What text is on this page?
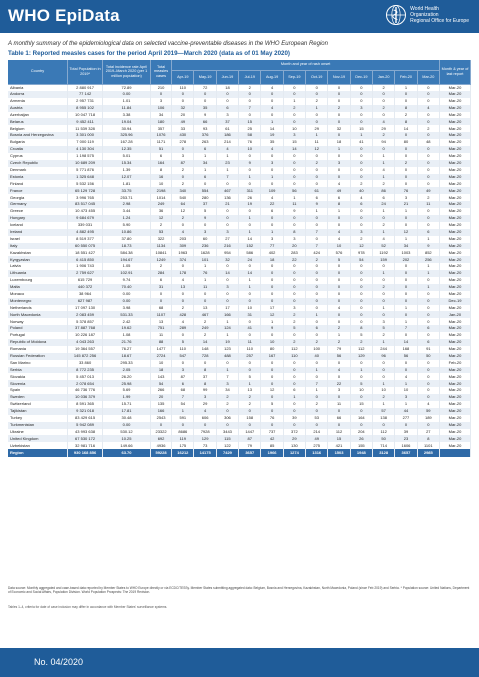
WHO EpiData	World Health
Organization
Regional Office for Europe
A monthly summary of the epidemiological data on selected vaccine-preventable diseases in the WHO European Region
Table 1: Reported measles cases for the period April 2019—March 2020 (data as of 01 May 2020)
Country	Total Population in 2019*	Total incidence rate April 2019–March 2020 (per 1 million population)	Total measles cases	Month and year of rash onset												Month & year of last report
				Apr-19	May-19	Jun-19	Jul-19	Aug-19	Sep-19	Oct-19	Nov-19	Dec-19	Jan-20	Feb-20	Mar-20	
Albania	2 880 917	72.89	210	110	72	18	2	4	0	0	0	0	2	1	0	Mar-20
Andorra	77 142	0.00	0	0	0	0	0	0	0	0	0	0	0	0	0	Mar-20
Armenia	2 957 731	1.01	3	0	0	0	0	0	1	2	0	0	0	0	0	Mar-20
Austria	8 955 102	11.84	106	32	35	6	7	4	2	1	2	3	2	8	4	Mar-20
Azerbaijan	10 047 718	3.38	34	20	9	3	0	0	0	0	0	0	0	2	0	Mar-20
Belarus	9 452 411	19.04	180	49	66	37	15	1	0	0	0	0	4	8	0	Mar-20
Belgium	11 539 328	30.94	357	33	93	61	25	14	10	29	32	15	29	14	2	Mar-20
Bosnia and Herzegovina	3 301 000	325.96	1076	430	376	186	58	19	3	1	0	1	2	0	0	Mar-20
Bulgaria	7 000 119	167.28	1171	278	263	214	76	35	15	11	18	41	94	80	48	Mar-20
Croatia	4 130 304	12.35	51	0	6	4	10	4	14	12	1	0	0	0	0	Mar-20
Cyprus	1 198 575	5.01	6	3	1	1	0	0	0	0	0	0	1	0	0	Mar-20
Czech Republic	10 689 209	15.34	164	87	34	23	9	3	0	2	3	0	1	2	0	Mar-20
Denmark	5 771 876	1.39	8	2	1	1	0	0	0	0	0	0	4	0	0	Mar-20
Estonia	1 325 648	12.07	16	0	6	7	1	1	0	0	0	0	1	0	0	Mar-20
Finland	5 532 156	1.81	10	2	0	0	0	0	0	0	4	2	2	0	0	Mar-20
France	65 129 728	33.75	2198	340	554	467	311	109	56	61	49	40	86	76	49	Mar-20
Georgia	3 996 765	253.71	1014	540	280	136	26	4	1	6	6	4	6	3	2	Mar-20
Germany	83 517 045	2.98	249	64	37	21	19	22	11	9	8	6	24	21	11	Mar-20
Greece	10 473 455	3.44	36	12	5	0	0	6	9	1	1	0	1	1	0	Mar-20
Hungary	9 684 679	1.24	12	2	9	0	1	0	0	0	0	0	0	0	0	Mar-20
Iceland	339 031	5.90	2	0	0	0	0	0	0	0	0	0	2	0	0	Mar-20
Ireland	4 882 495	10.86	53	4	3	3	1	1	8	7	4	3	1	12	6	Mar-20
Israel	8 519 377	37.80	322	203	60	27	14	3	3	0	4	2	4	1	1	Mar-20
Italy	60 550 075	18.73	1134	309	236	216	152	77	20	7	10	12	52	34	9	Mar-20
Kazakhstan	18 551 427	584.38	10841	1963	1628	954	586	402	283	424	576	978	1192	1003	852	Mar-20
Kyrgyzstan	6 415 850	194.67	1249	374	101	32	24	18	22	2	5	54	159	202	256	Mar-20
Latvia	1 906 743	1.05	2	0	1	0	0	0	0	0	0	0	0	0	1	Mar-20
Lithuania	2 759 627	102.91	284	178	76	14	14	0	0	0	0	0	1	0	1	Mar-20
Luxembourg	615 729	9.74	6	4	1	0	1	0	0	0	0	0	0	0	0	Mar-20
Malta	440 372	70.40	31	13	11	3	1	0	0	0	0	0	2	0	1	Mar-20
Monaco	38 964	0.00	0	0	0	0	0	0	0	0	0	0	0	0	0	Mar-20
Montenegro	627 987	0.00	0	0	0	0	0	0	0	0	0	0	0	0	0	Dec-19
Netherlands	17 097 130	3.98	68	2	13	17	10	17	3	0	4	0	1	1	0	Mar-20
North Macedonia	2 083 459	531.33	1107	428	467	166	31	12	2	1	0	0	0	0	0	Jan-20
Norway	5 378 857	2.42	13	4	2	1	0	1	2	0	0	0	3	1	0	Mar-20
Poland	37 887 768	19.62	751	289	249	124	41	9	5	6	2	8	5	7	6	Mar-20
Portugal	10 226 187	1.08	11	0	2	1	0	0	0	0	1	5	2	0	0	Mar-20
Republic of Moldova	4 043 263	21.76	88	5	14	19	11	10	2	2	2	2	1	14	6	Mar-20
Romania	19 364 557	76.27	1477	110	148	123	110	80	112	100	79	112	244	168	91	Mar-20
Russian Federation	145 872 256	18.67	2724	547	728	488	257	167	110	40	56	129	96	56	50	Mar-20
San Marino	33 860	295.33	10	0	0	0	0	0	0	0	0	0	0	0	0	Feb-20
Serbia	8 772 235	2.05	18	3	8	1	0	0	0	1	4	1	0	0	0	Mar-20
Slovakia	5 457 013	26.20	143	87	37	7	5	0	0	0	0	0	0	4	0	Mar-20
Slovenia	2 078 654	25.98	54	6	8	3	1	0	0	7	22	5	1	1	0	Mar-20
Spain	46 736 776	5.69	266	68	99	34	13	12	6	1	3	10	10	10	0	Mar-20
Sweden	10 036 379	1.99	20	7	3	2	2	0	1	0	0	0	2	3	0	Mar-20
Switzerland	8 591 365	15.71	135	54	29	2	2	5	0	2	11	15	1	1	4	Mar-20
Tajikistan	9 321 018	17.81	166	1	4	0	0	0	0	0	0	0	57	44	59	Mar-20
Turkey	83 429 615	30.48	2543	591	606	306	158	76	39	53	66	164	138	277	189	Mar-20
Turkmenistan	5 942 089	0.00	0	0	0	0	0	0	0	0	0	0	0	0	0	Mar-20
Ukraine	43 993 638	530.12	23322	8686	7928	3443	1447	737	372	214	112	204	112	39	27	Mar-20
United Kingdom	67 530 172	10.25	692	119	129	115	87	42	29	49	15	26	50	23	8	Mar-20
Uzbekistan	32 981 716	149.66	4936	175	73	122	79	85	130	275	421	155	714	1606	1101	Mar-20
Region	930 168 856	63.70	59228	16212	14175	7429	3657	1966	1274	1316	1503	1948	3128	3657	2985	
Data source: Monthly aggregated and case-based data reported by Member States to WHO Europe directly or via ECDC/TESSy. Member States submitting aggregated data: Belgium, Bosnia and Herzegovina, Kazakhstan, North Macedonia, Poland (since Feb 2019) and Serbia. * Population source: United Nations, Department of Economic and Social Affairs, Population Division. World Population Prospects: The 2019 Revision.
Tables 1–4, criteria for date of case inclusion may differ in accordance with Member States' surveillance systems.
No. 04/2020
